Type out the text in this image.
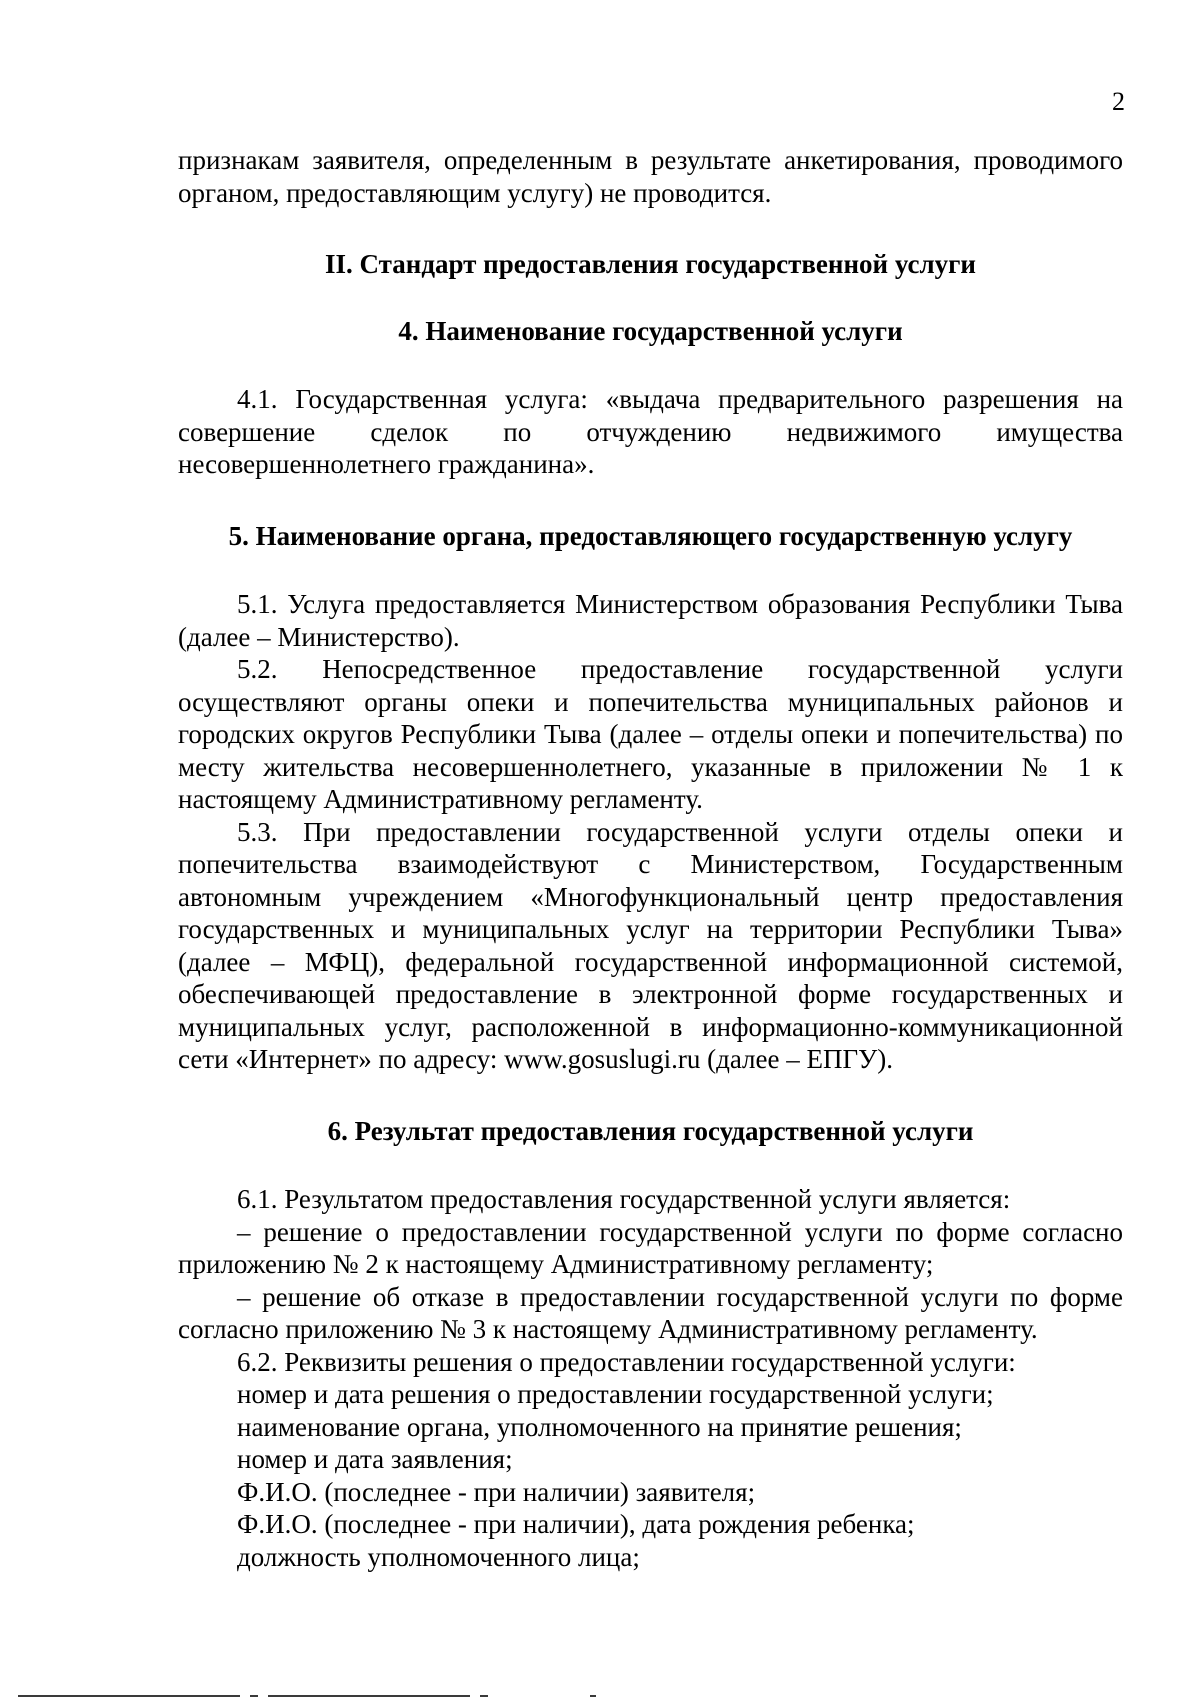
2

признакам заявителя, определенным в результате анкетирования, проводимого органом, предоставляющим услугу) не проводится.

II. Стандарт предоставления государственной услуги
4. Наименование государственной услуги

4.1. Государственная услуга: «выдача предварительного разрешения на совершение сделок по отчуждению недвижимого имущества несовершеннолетнего гражданина».

5. Наименование органа, предоставляющего государственную услугу

5.1. Услуга предоставляется Министерством образования Республики Тыва (далее – Министерство).

5.2. Непосредственное предоставление государственной услуги осуществляют органы опеки и попечительства муниципальных районов и городских округов Республики Тыва (далее – отделы опеки и попечительства) по месту жительства несовершеннолетнего, указанные в приложении № 1 к настоящему Административному регламенту.

5.3. При предоставлении государственной услуги отделы опеки и попечительства взаимодействуют с Министерством, Государственным автономным учреждением «Многофункциональный центр предоставления государственных и муниципальных услуг на территории Республики Тыва» (далее – МФЦ), федеральной государственной информационной системой, обеспечивающей предоставление в электронной форме государственных и муниципальных услуг, расположенной в информационно-коммуникационной сети «Интернет» по адресу: www.gosuslugi.ru (далее – ЕПГУ).

6. Результат предоставления государственной услуги

6.1. Результатом предоставления государственной услуги является:

– решение о предоставлении государственной услуги по форме согласно приложению № 2 к настоящему Административному регламенту;

– решение об отказе в предоставлении государственной услуги по форме согласно приложению № 3 к настоящему Административному регламенту.

6.2. Реквизиты решения о предоставлении государственной услуги:

номер и дата решения о предоставлении государственной услуги;

наименование органа, уполномоченного на принятие решения;

номер и дата заявления;

Ф.И.О. (последнее - при наличии) заявителя;

Ф.И.О. (последнее - при наличии), дата рождения ребенка;

должность уполномоченного лица;
